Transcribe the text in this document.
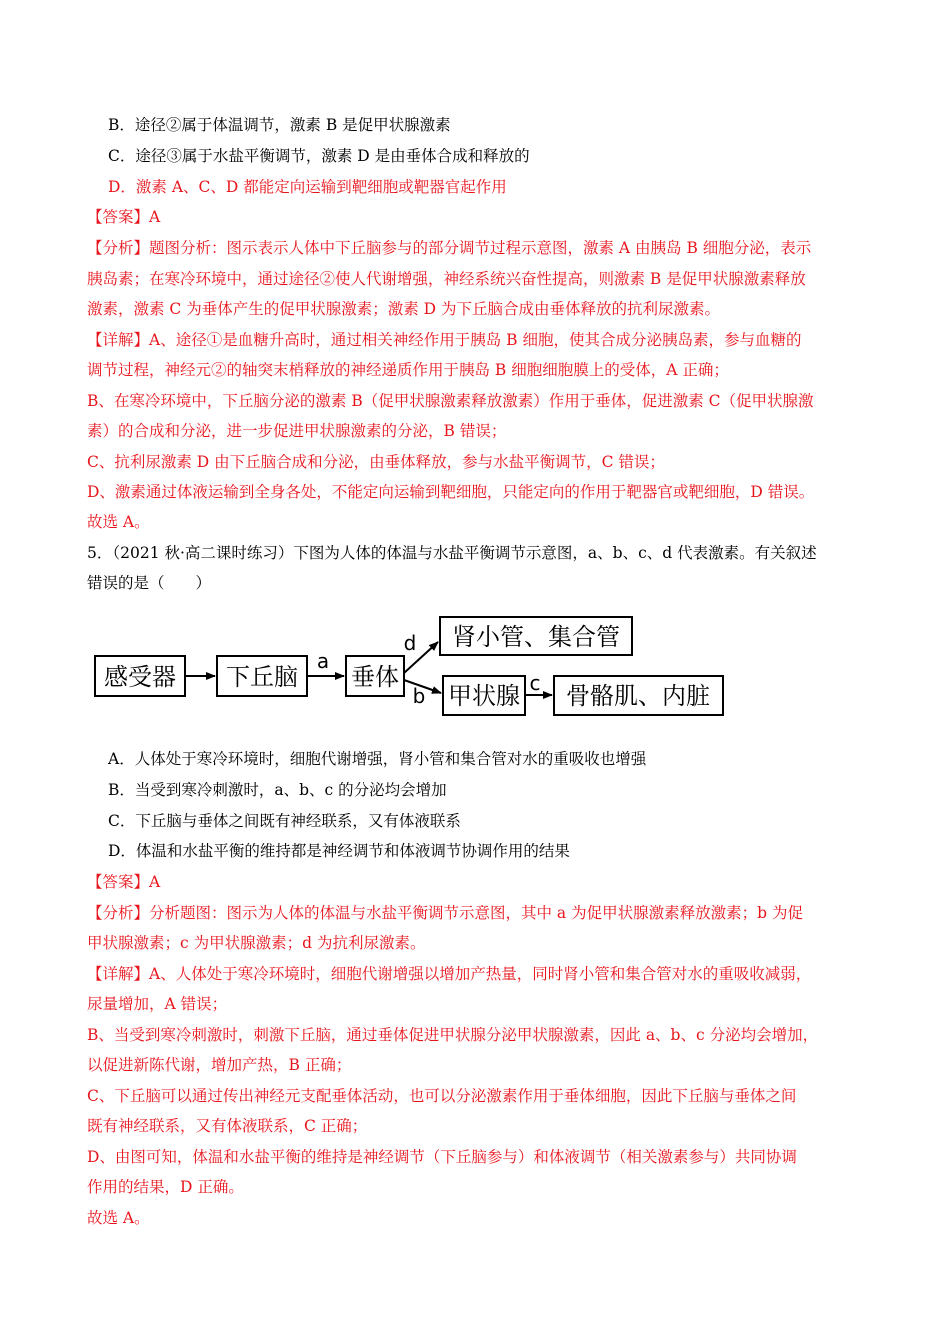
B．途径②属于体温调节，激素 B 是促甲状腺激素
C．途径③属于水盐平衡调节，激素 D 是由垂体合成和释放的
D．激素 A、C、D 都能定向运输到靶细胞或靶器官起作用
【答案】A
【分析】题图分析：图示表示人体中下丘脑参与的部分调节过程示意图，激素 A 由胰岛 B 细胞分泌，表示
胰岛素；在寒冷环境中，通过途径②使人代谢增强，神经系统兴奋性提高，则激素 B 是促甲状腺激素释放
激素，激素 C 为垂体产生的促甲状腺激素；激素 D 为下丘脑合成由垂体释放的抗利尿激素。
【详解】A、途径①是血糖升高时，通过相关神经作用于胰岛 B 细胞，使其合成分泌胰岛素，参与血糖的
调节过程，神经元②的轴突末梢释放的神经递质作用于胰岛 B 细胞细胞膜上的受体，A 正确；
B、在寒冷环境中，下丘脑分泌的激素 B（促甲状腺激素释放激素）作用于垂体，促进激素 C（促甲状腺激
素）的合成和分泌，进一步促进甲状腺激素的分泌，B 错误；
C、抗利尿激素 D 由下丘脑合成和分泌，由垂体释放，参与水盐平衡调节，C 错误；
D、激素通过体液运输到全身各处，不能定向运输到靶细胞，只能定向的作用于靶器官或靶细胞，D 错误。
故选 A。
5．（2021 秋·高二课时练习）下图为人体的体温与水盐平衡调节示意图，a、b、c、d 代表激素。有关叙述
错误的是（　　）
感受器 下丘脑 垂体
肾小管、集合管
甲状腺 骨骼肌、内脏
a
d
b
c
A．人体处于寒冷环境时，细胞代谢增强，肾小管和集合管对水的重吸收也增强
B．当受到寒冷刺激时，a、b、c 的分泌均会增加
C．下丘脑与垂体之间既有神经联系，又有体液联系
D．体温和水盐平衡的维持都是神经调节和体液调节协调作用的结果
【答案】A
【分析】分析题图：图示为人体的体温与水盐平衡调节示意图，其中 a 为促甲状腺激素释放激素；b 为促
甲状腺激素；c 为甲状腺激素；d 为抗利尿激素。
【详解】A、人体处于寒冷环境时，细胞代谢增强以增加产热量，同时肾小管和集合管对水的重吸收减弱，
尿量增加，A 错误；
B、当受到寒冷刺激时，刺激下丘脑，通过垂体促进甲状腺分泌甲状腺激素，因此 a、b、c 分泌均会增加，
以促进新陈代谢，增加产热，B 正确；
C、下丘脑可以通过传出神经元支配垂体活动，也可以分泌激素作用于垂体细胞，因此下丘脑与垂体之间
既有神经联系，又有体液联系，C 正确；
D、由图可知，体温和水盐平衡的维持是神经调节（下丘脑参与）和体液调节（相关激素参与）共同协调
作用的结果，D 正确。
故选 A。
